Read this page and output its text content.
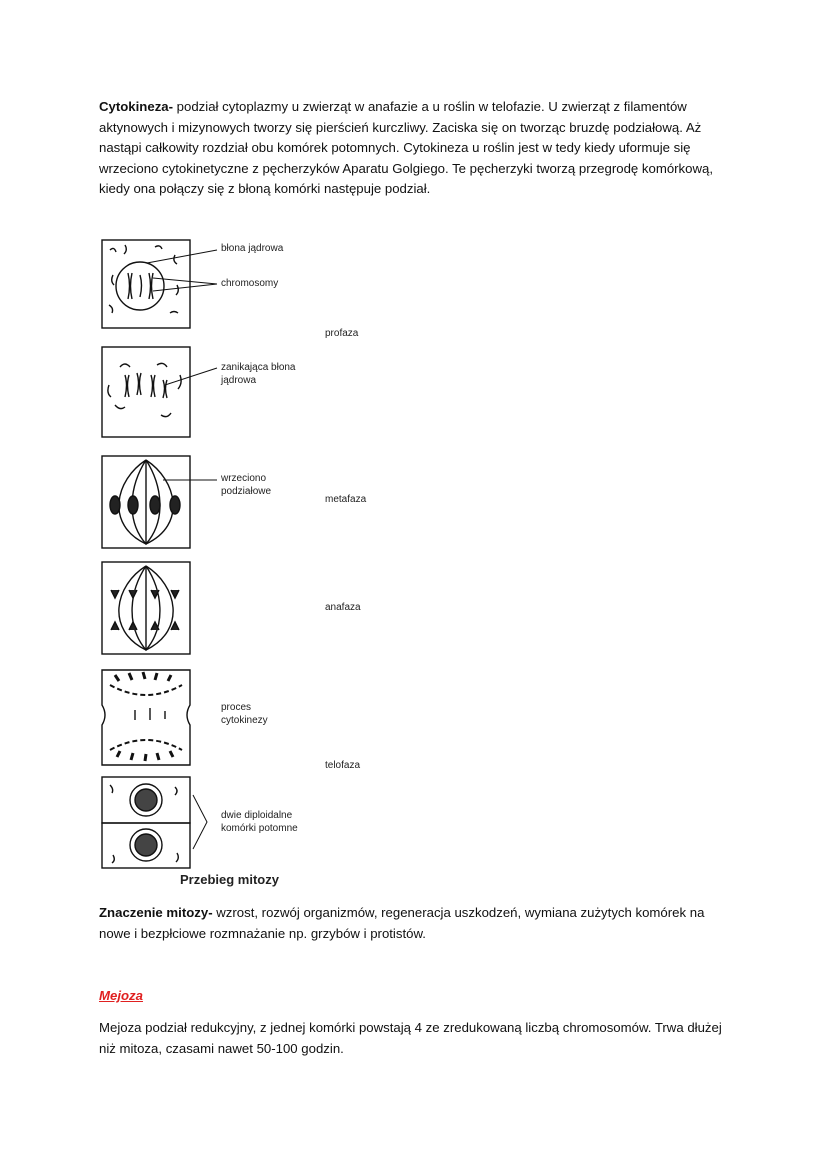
Cytokineza- podział cytoplazmy u zwierząt w anafazie a u roślin w telofazie. U zwierząt z filamentów aktynowych i mizynowych tworzy się pierścień kurczliwy. Zaciska się on tworząc bruzdę podziałową. Aż nastąpi całkowity rozdział obu komórek potomnych. Cytokineza u roślin jest w tedy kiedy uformuje się wrzeciono cytokinetyczne z pęcherzyków Aparatu Golgiego. Te pęcherzyki tworzą przegrodę komórkową, kiedy ona połączy się z błoną komórki następuje podział.

błona jądrowa

chromosomy

zanikająca błona
jądrowa

wrzeciono
podziałowe

proces
cytokinezy

dwie diploidalne
komórki potomne

profaza

metafaza

anafaza

telofaza

Przebieg mitozy

Znaczenie mitozy- wzrost, rozwój organizmów, regeneracja uszkodzeń, wymiana zużytych komórek na nowe i bezpłciowe rozmnażanie np. grzybów i protistów.

Mejoza

Mejoza podział redukcyjny, z jednej komórki powstają 4 ze zredukowaną liczbą chromosomów. Trwa dłużej niż mitoza, czasami nawet 50-100 godzin.
